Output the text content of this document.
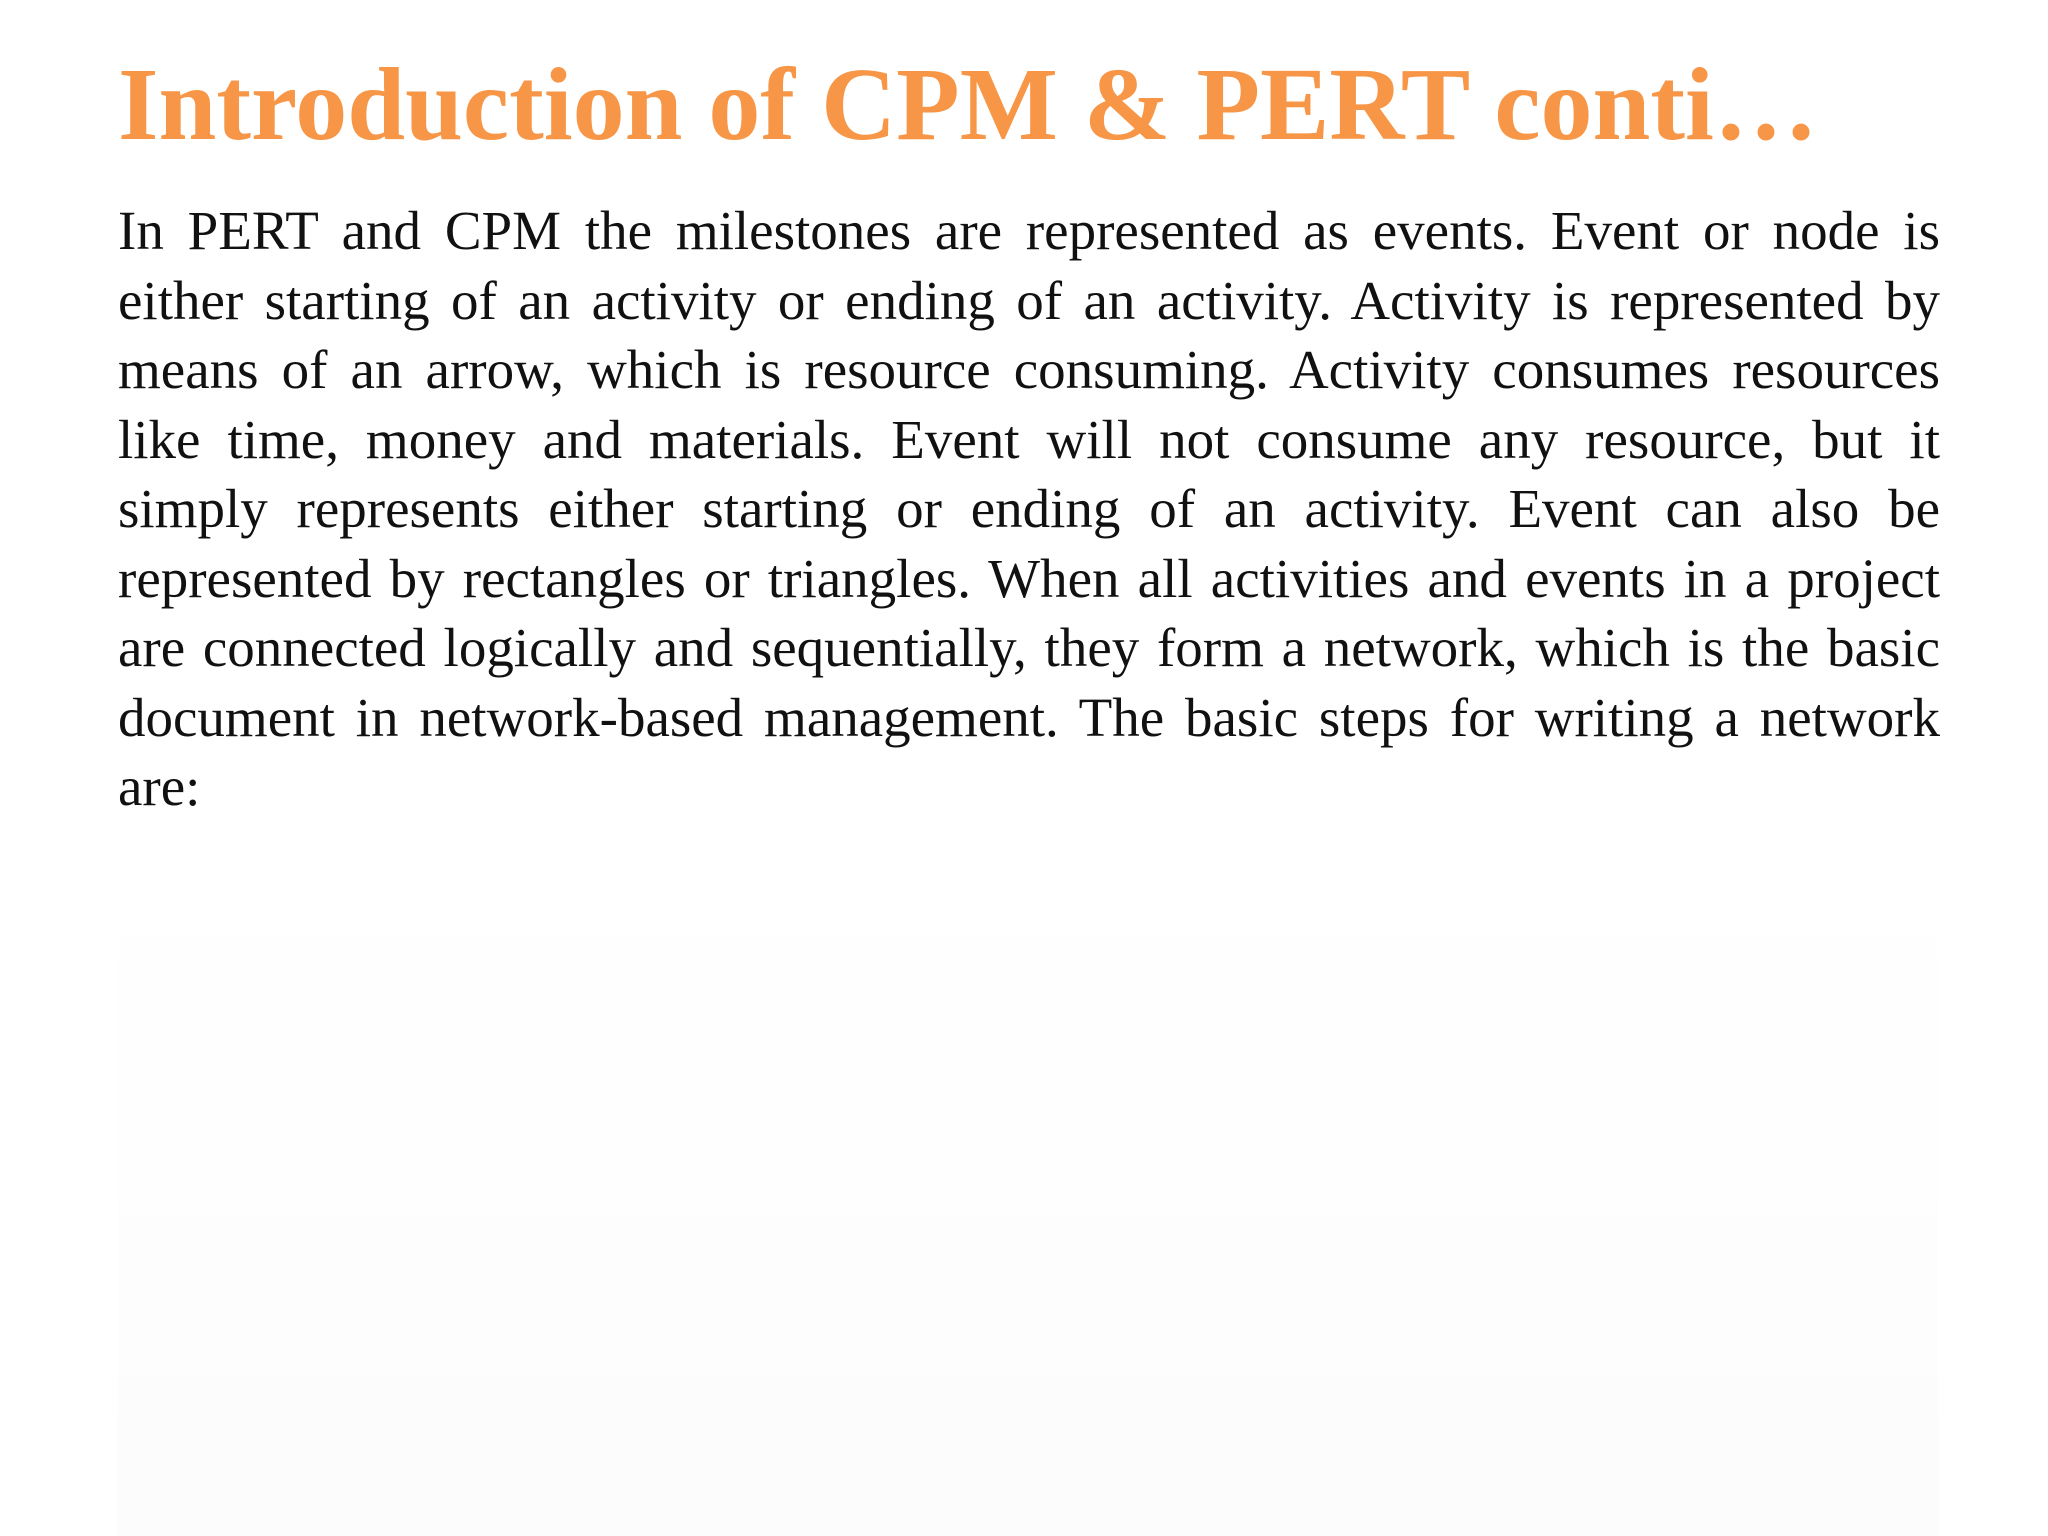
Introduction of CPM & PERT conti…

In PERT and CPM the milestones are represented as events. Event or node is either starting of an activity or ending of an activity. Activity is represented by means of an arrow, which is resource consuming. Activity consumes resources like time, money and materials. Event will not consume any resource, but it simply represents either starting or ending of an activity. Event can also be represented by rectangles or triangles. When all activities and events in a project are connected logically and sequentially, they form a network, which is the basic document in network-based management. The basic steps for writing a network are:
